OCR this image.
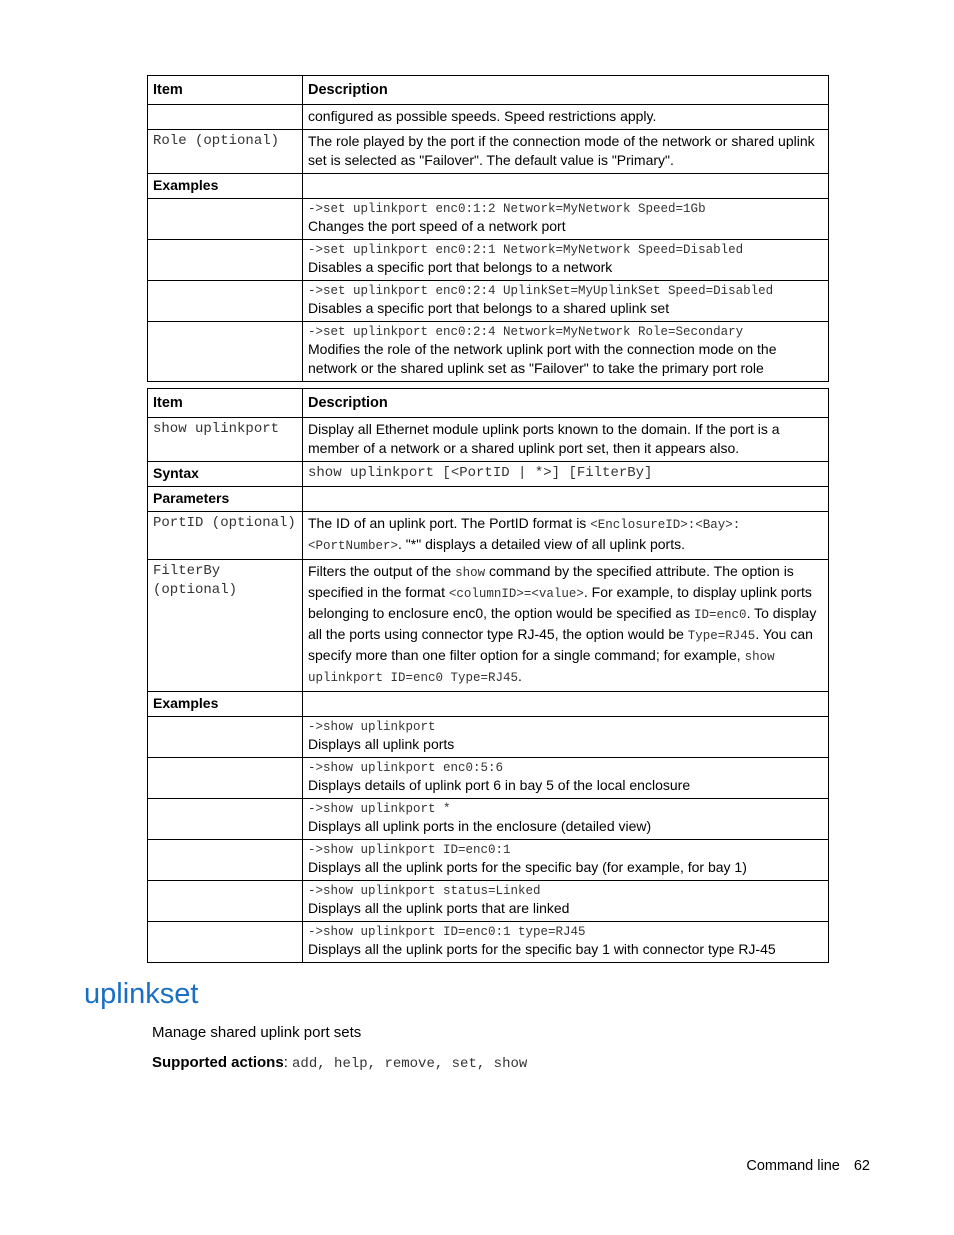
Item	Description
	configured as possible speeds. Speed restrictions apply.
Role (optional)	The role played by the port if the connection mode of the network or shared uplink set is selected as "Failover". The default value is "Primary".
Examples	

	->set uplinkport enc0:1:2 Network=MyNetwork Speed=1Gb
Changes the port speed of a network port

	->set uplinkport enc0:2:1 Network=MyNetwork Speed=Disabled
Disables a specific port that belongs to a network

	->set uplinkport enc0:2:4 UplinkSet=MyUplinkSet Speed=Disabled
Disables a specific port that belongs to a shared uplink set

	->set uplinkport enc0:2:4 Network=MyNetwork Role=Secondary
Modifies the role of the network uplink port with the connection mode on the network or the shared uplink set as "Failover" to take the primary port role
Item	Description
show uplinkport	Display all Ethernet module uplink ports known to the domain. If the port is a member of a network or a shared uplink port set, then it appears also.
Syntax	show uplinkport [<PortID | *>] [FilterBy]
Parameters	
PortID (optional)	The ID of an uplink port. The PortID format is <EnclosureID>:<Bay>:<PortNumber>. "*" displays a detailed view of all uplink ports.
FilterBy (optional)	Filters the output of the show command by the specified attribute. The option is specified in the format <columnID>=<value>. For example, to display uplink ports belonging to enclosure enc0, the option would be specified as ID=enc0. To display all the ports using connector type RJ-45, the option would be Type=RJ45. You can specify more than one filter option for a single command; for example, show uplinkport ID=enc0 Type=RJ45.
Examples	

	->show uplinkport
Displays all uplink ports

	->show uplinkport enc0:5:6
Displays details of uplink port 6 in bay 5 of the local enclosure

	->show uplinkport *
Displays all uplink ports in the enclosure (detailed view)

	->show uplinkport ID=enc0:1
Displays all the uplink ports for the specific bay (for example, for bay 1)

	->show uplinkport status=Linked
Displays all the uplink ports that are linked

	->show uplinkport ID=enc0:1 type=RJ45
Displays all the uplink ports for the specific bay 1 with connector type RJ-45
uplinkset

Manage shared uplink port sets

Supported actions: add, help, remove, set, show

Command line 62
